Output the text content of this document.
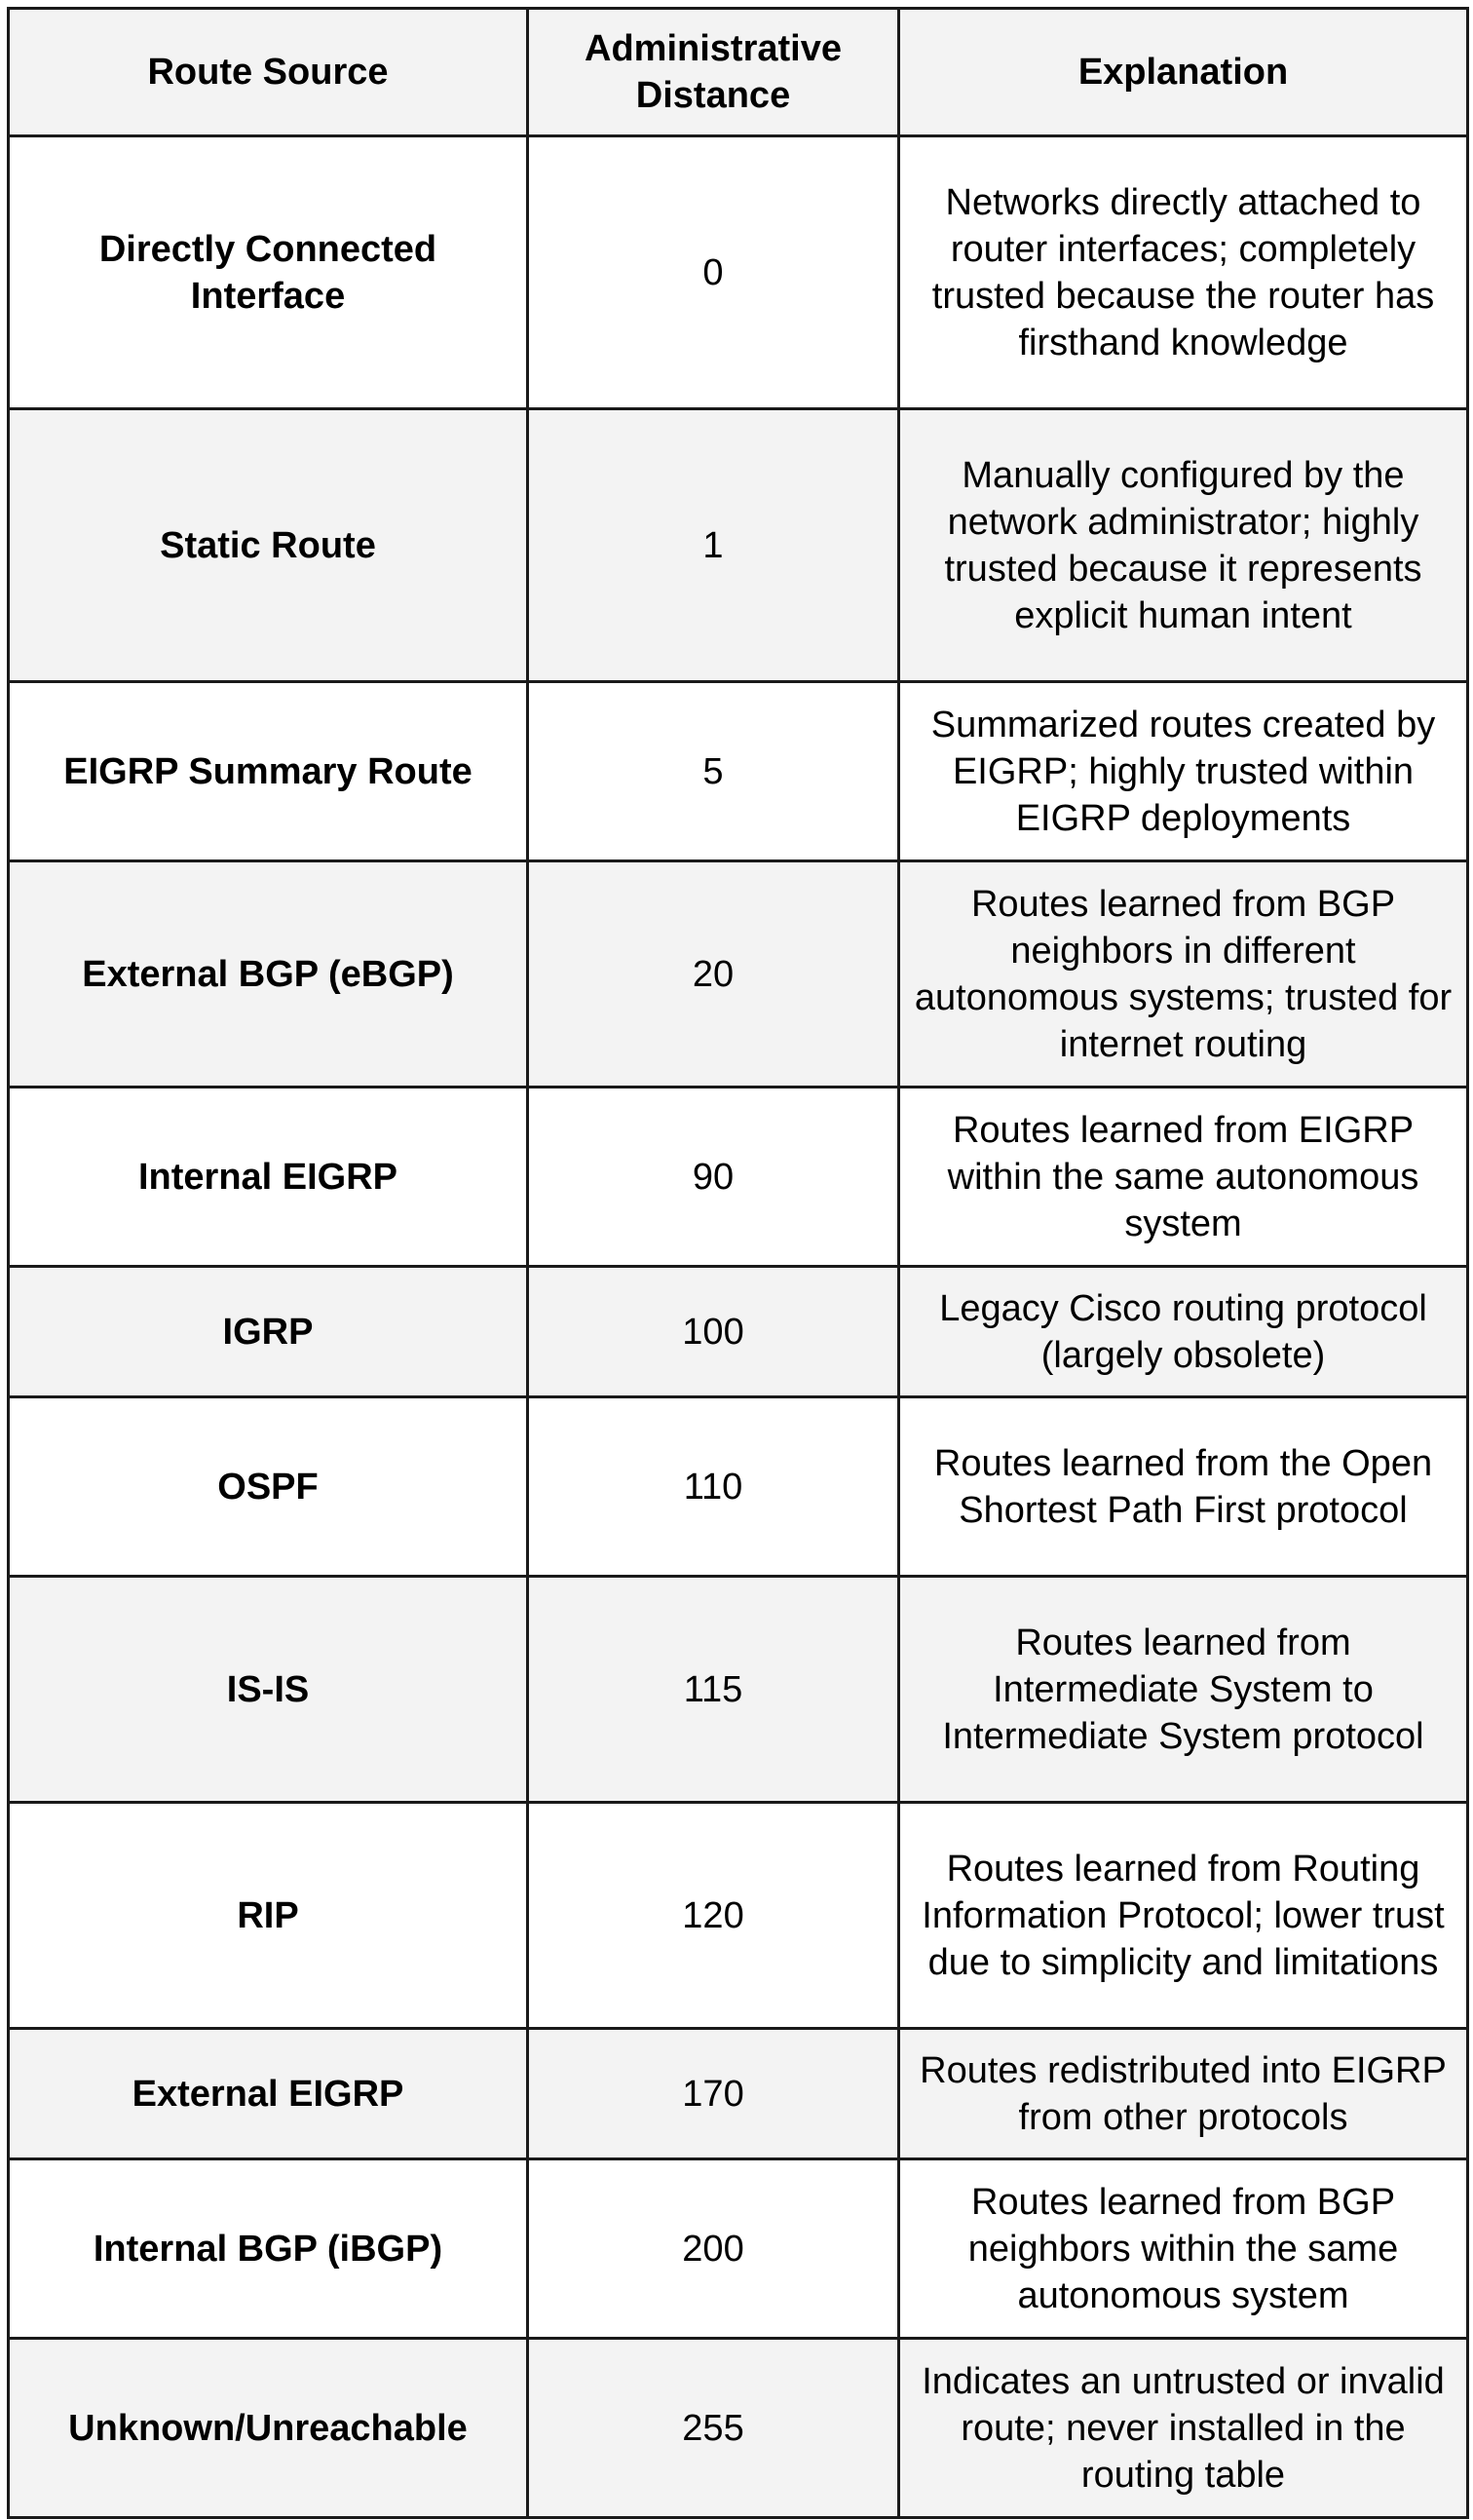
Route Source	Administrative Distance	Explanation
Directly Connected Interface	0	Networks directly attached to router interfaces; completely trusted because the router has firsthand knowledge
Static Route	1	Manually configured by the network administrator; highly trusted because it represents explicit human intent
EIGRP Summary Route	5	Summarized routes created by EIGRP; highly trusted within EIGRP deployments
External BGP (eBGP)	20	Routes learned from BGP neighbors in different autonomous systems; trusted for internet routing
Internal EIGRP	90	Routes learned from EIGRP within the same autonomous system
IGRP	100	Legacy Cisco routing protocol (largely obsolete)
OSPF	110	Routes learned from the Open Shortest Path First protocol
IS-IS	115	Routes learned from Intermediate System to Intermediate System protocol
RIP	120	Routes learned from Routing Information Protocol; lower trust due to simplicity and limitations
External EIGRP	170	Routes redistributed into EIGRP from other protocols
Internal BGP (iBGP)	200	Routes learned from BGP neighbors within the same autonomous system
Unknown/Unreachable	255	Indicates an untrusted or invalid route; never installed in the routing table
